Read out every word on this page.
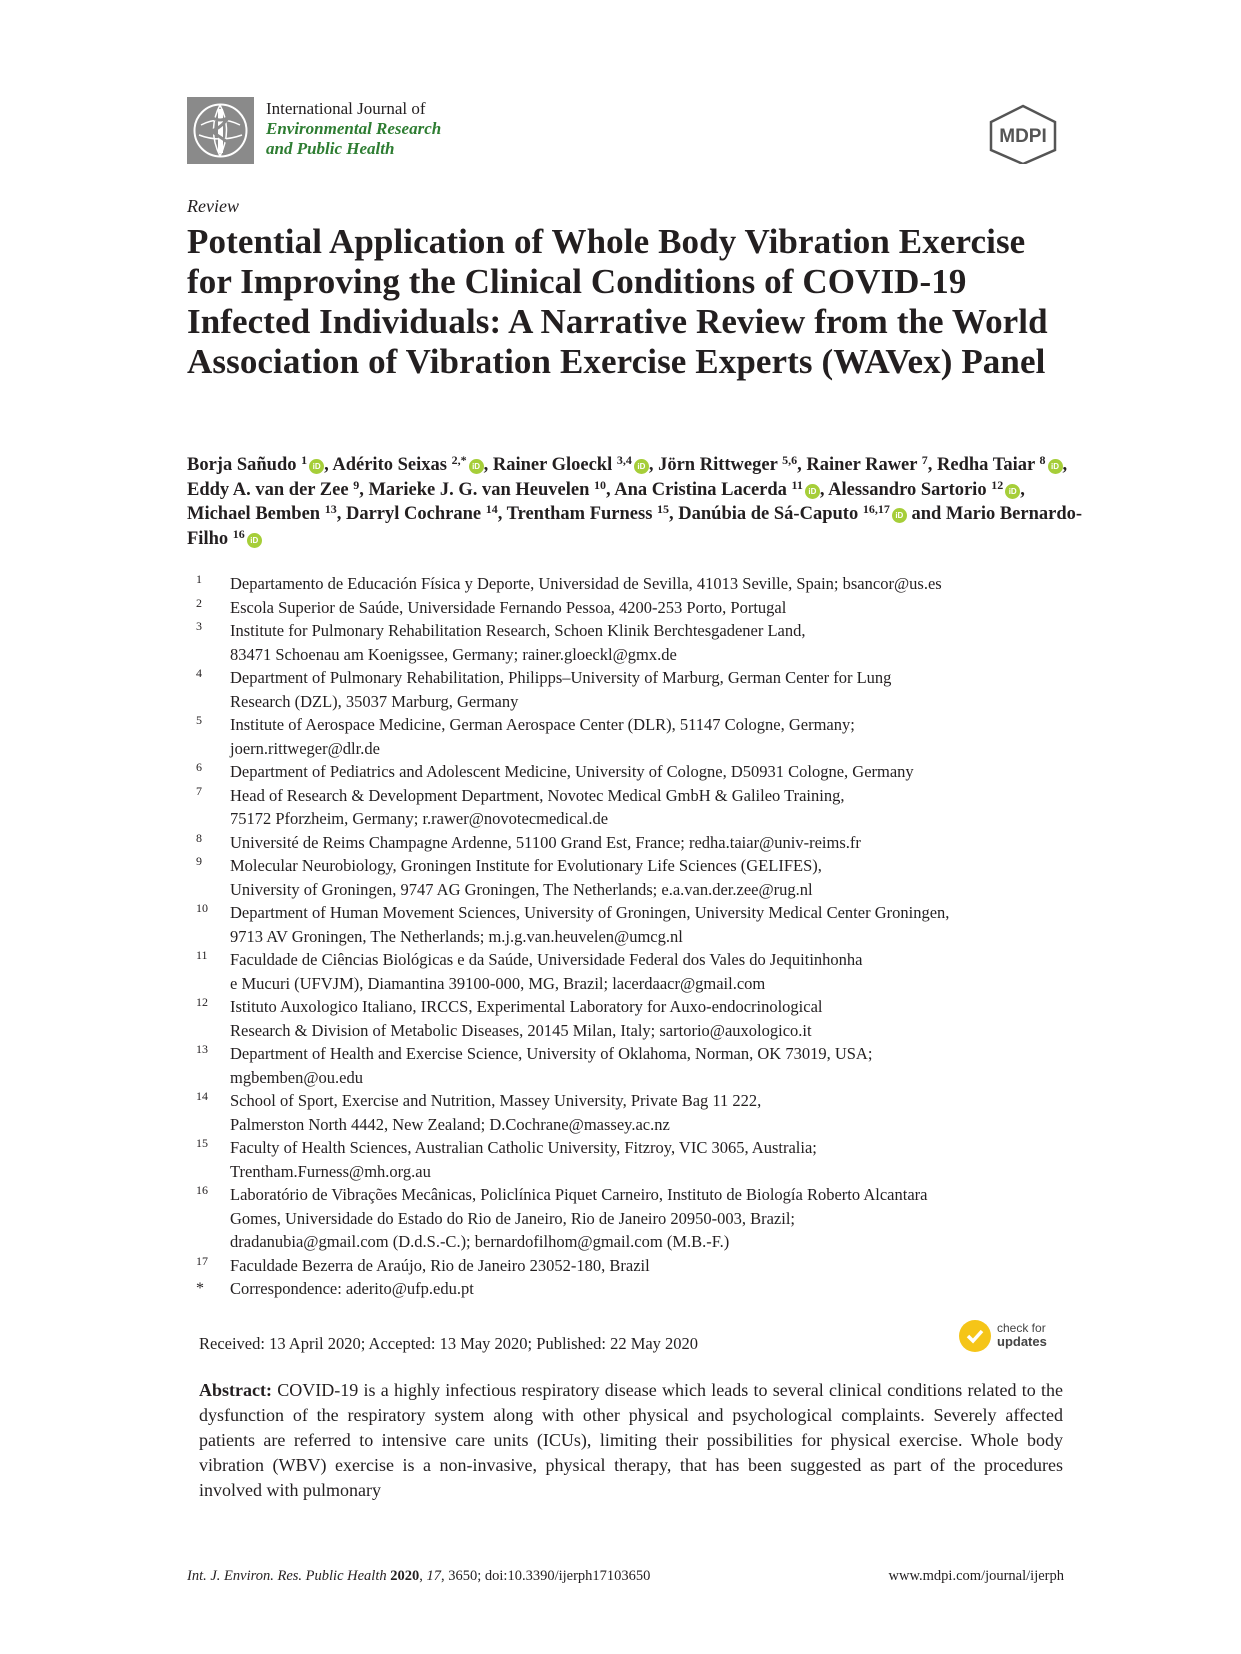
International Journal of
Environmental Research
and Public Health
MDPI
Review
Potential Application of Whole Body Vibration Exercise for Improving the Clinical Conditions of COVID-19 Infected Individuals: A Narrative Review from the World Association of Vibration Exercise Experts (WAVex) Panel
Borja Sañudo $^1$ iD , Adérito Seixas $^{2,*}$ iD , Rainer Gloeckl $^{3,4}$ iD , Jörn Rittweger $^{5,6}$, Rainer Rawer $^7$, Redha Taiar $^8$ iD , Eddy A. van der Zee $^9$, Marieke J. G. van Heuvelen $^{10}$, Ana Cristina Lacerda $^{11}$ iD , Alessandro Sartorio $^{12}$ iD , Michael Bemben $^{13}$, Darryl Cochrane $^{14}$, Trentham Furness $^{15}$, Danúbia de Sá-Caputo $^{16,17}$ iD and Mario Bernardo-Filho $^{16}$ iD
1 Departamento de Educación Física y Deporte, Universidad de Sevilla, 41013 Seville, Spain; bsancor@us.es
2 Escola Superior de Saúde, Universidade Fernando Pessoa, 4200-253 Porto, Portugal
3 Institute for Pulmonary Rehabilitation Research, Schoen Klinik Berchtesgadener Land,
83471 Schoenau am Koenigssee, Germany; rainer.gloeckl@gmx.de
4 Department of Pulmonary Rehabilitation, Philipps–University of Marburg, German Center for Lung
Research (DZL), 35037 Marburg, Germany
5 Institute of Aerospace Medicine, German Aerospace Center (DLR), 51147 Cologne, Germany;
joern.rittweger@dlr.de
6 Department of Pediatrics and Adolescent Medicine, University of Cologne, D50931 Cologne, Germany
7 Head of Research & Development Department, Novotec Medical GmbH & Galileo Training,
75172 Pforzheim, Germany; r.rawer@novotecmedical.de
8 Université de Reims Champagne Ardenne, 51100 Grand Est, France; redha.taiar@univ-reims.fr
9 Molecular Neurobiology, Groningen Institute for Evolutionary Life Sciences (GELIFES),
University of Groningen, 9747 AG Groningen, The Netherlands; e.a.van.der.zee@rug.nl
10 Department of Human Movement Sciences, University of Groningen, University Medical Center Groningen,
9713 AV Groningen, The Netherlands; m.j.g.van.heuvelen@umcg.nl
11 Faculdade de Ciências Biológicas e da Saúde, Universidade Federal dos Vales do Jequitinhonha
e Mucuri (UFVJM), Diamantina 39100-000, MG, Brazil; lacerdaacr@gmail.com
12 Istituto Auxologico Italiano, IRCCS, Experimental Laboratory for Auxo-endocrinological
Research & Division of Metabolic Diseases, 20145 Milan, Italy; sartorio@auxologico.it
13 Department of Health and Exercise Science, University of Oklahoma, Norman, OK 73019, USA;
mgbemben@ou.edu
14 School of Sport, Exercise and Nutrition, Massey University, Private Bag 11 222,
Palmerston North 4442, New Zealand; D.Cochrane@massey.ac.nz
15 Faculty of Health Sciences, Australian Catholic University, Fitzroy, VIC 3065, Australia;
Trentham.Furness@mh.org.au
16 Laboratório de Vibrações Mecânicas, Policlínica Piquet Carneiro, Instituto de Biología Roberto Alcantara
Gomes, Universidade do Estado do Rio de Janeiro, Rio de Janeiro 20950-003, Brazil;
dradanubia@gmail.com (D.d.S.-C.); bernardofilhom@gmail.com (M.B.-F.)
17 Faculdade Bezerra de Araújo, Rio de Janeiro 23052-180, Brazil
* Correspondence: aderito@ufp.edu.pt
Received: 13 April 2020; Accepted: 13 May 2020; Published: 22 May 2020
check for
updates

Abstract: COVID-19 is a highly infectious respiratory disease which leads to several clinical conditions related to the dysfunction of the respiratory system along with other physical and psychological complaints. Severely affected patients are referred to intensive care units (ICUs), limiting their possibilities for physical exercise. Whole body vibration (WBV) exercise is a non-invasive, physical therapy, that has been suggested as part of the procedures involved with pulmonary

Int. J. Environ. Res. Public Health 2020, 17, 3650; doi:10.3390/ijerph17103650	www.mdpi.com/journal/ijerph
